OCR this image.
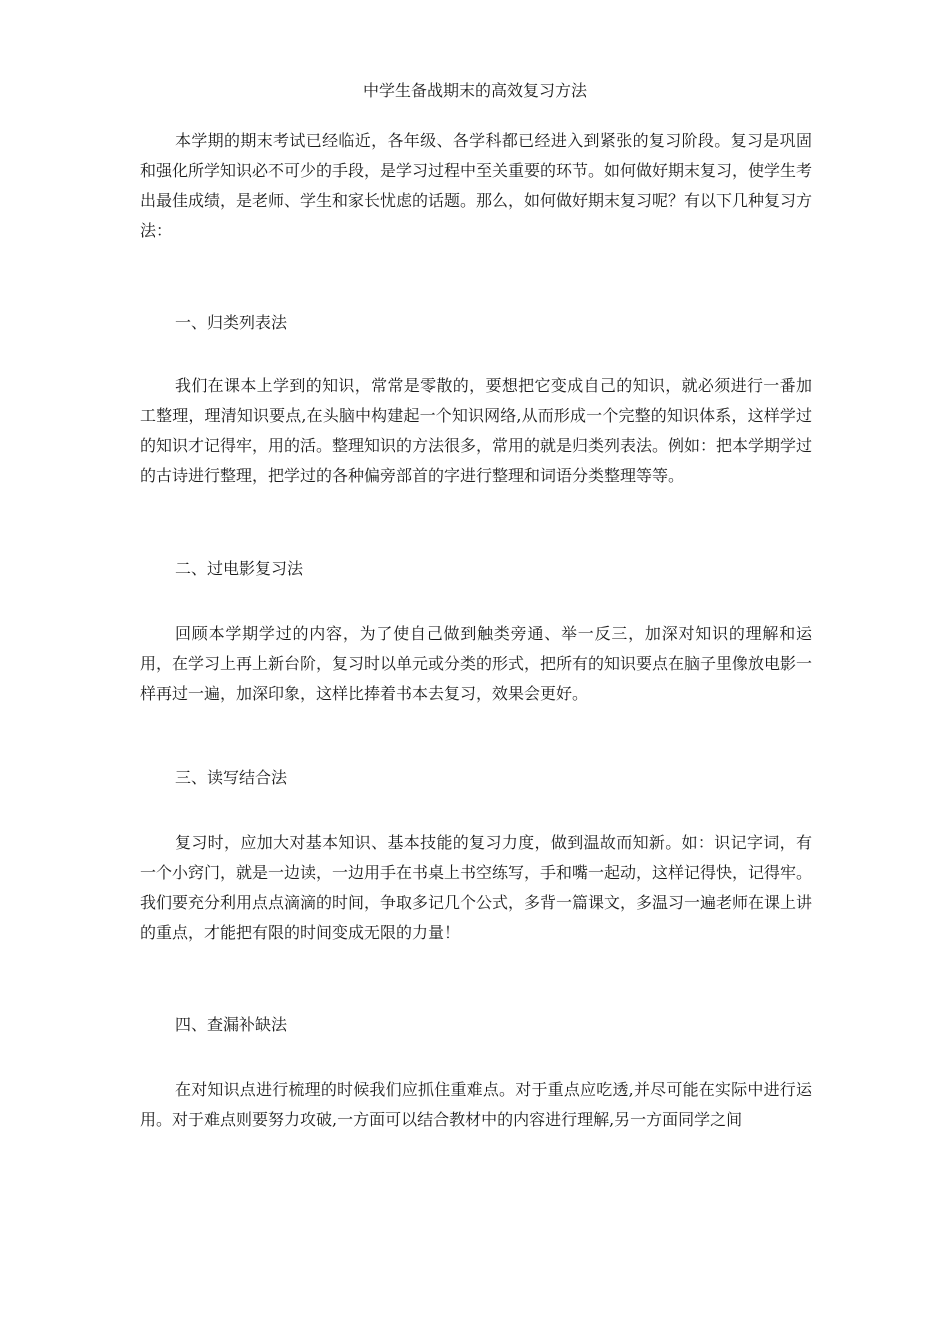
中学生备战期末的高效复习方法

本学期的期末考试已经临近，各年级、各学科都已经进入到紧张的复习阶段。复习是巩固和强化所学知识必不可少的手段，是学习过程中至关重要的环节。如何做好期末复习，使学生考出最佳成绩，是老师、学生和家长忧虑的话题。那么，如何做好期末复习呢？有以下几种复习方法：

一、归类列表法

我们在课本上学到的知识，常常是零散的，要想把它变成自己的知识，就必须进行一番加工整理，理清知识要点,在头脑中构建起一个知识网络,从而形成一个完整的知识体系，这样学过的知识才记得牢，用的活。整理知识的方法很多，常用的就是归类列表法。例如：把本学期学过的古诗进行整理，把学过的各种偏旁部首的字进行整理和词语分类整理等等。

二、过电影复习法

回顾本学期学过的内容，为了使自己做到触类旁通、举一反三，加深对知识的理解和运用，在学习上再上新台阶，复习时以单元或分类的形式，把所有的知识要点在脑子里像放电影一样再过一遍，加深印象，这样比捧着书本去复习，效果会更好。

三、读写结合法

复习时，应加大对基本知识、基本技能的复习力度，做到温故而知新。如：识记字词，有一个小窍门，就是一边读，一边用手在书桌上书空练写，手和嘴一起动，这样记得快，记得牢。我们要充分利用点点滴滴的时间，争取多记几个公式，多背一篇课文，多温习一遍老师在课上讲的重点，才能把有限的时间变成无限的力量！

四、查漏补缺法

在对知识点进行梳理的时候我们应抓住重难点。对于重点应吃透,并尽可能在实际中进行运用。对于难点则要努力攻破,一方面可以结合教材中的内容进行理解,另一方面同学之间
